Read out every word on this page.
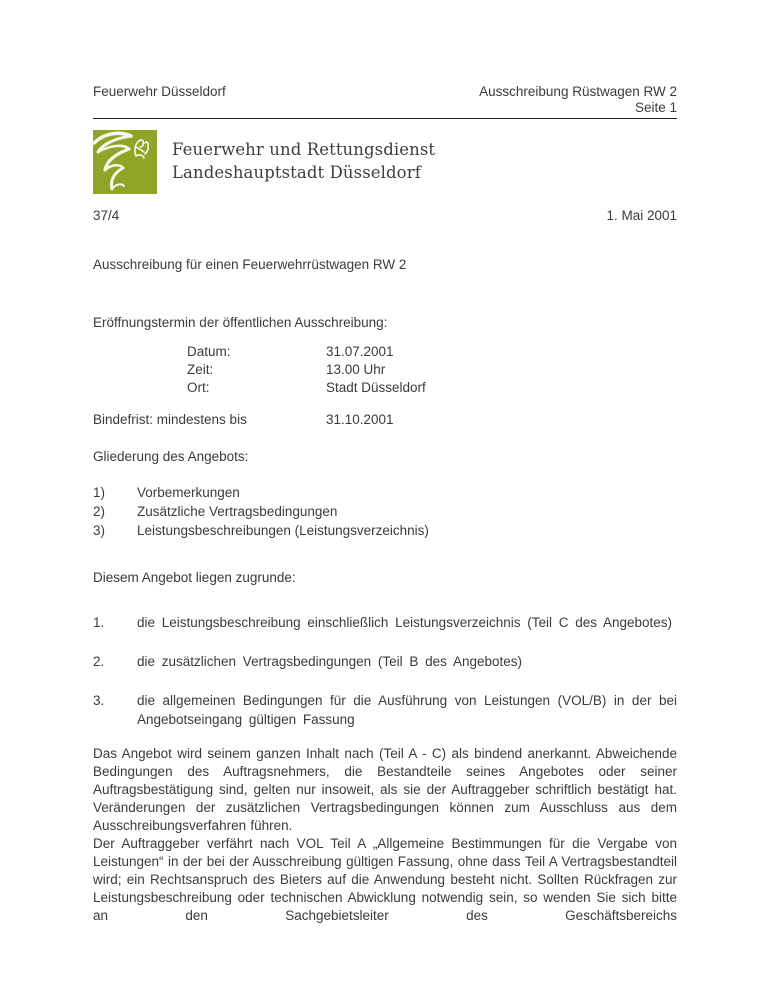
Feuerwehr Düsseldorf	Ausschreibung Rüstwagen RW 2
Seite 1
Feuerwehr und Rettungsdienst
Landeshauptstadt Düsseldorf
37/4	1. Mai 2001
Ausschreibung für einen Feuerwehrrüstwagen RW 2
Eröffnungstermin der öffentlichen Ausschreibung:
Datum:	31.07.2001
Zeit:	13.00 Uhr
Ort:	Stadt Düsseldorf
Bindefrist: mindestens bis	31.10.2001
Gliederung des Angebots:
1)	Vorbemerkungen
2)	Zusätzliche Vertragsbedingungen
3)	Leistungsbeschreibungen (Leistungsverzeichnis)
Diesem Angebot liegen zugrunde:
1.	die Leistungsbeschreibung einschließlich Leistungsverzeichnis (Teil C des Angebotes)
2.	die zusätzlichen Vertragsbedingungen (Teil B des Angebotes)
3.	die allgemeinen Bedingungen für die Ausführung von Leistungen (VOL/B) in der bei Angebotseingang gültigen Fassung
Das Angebot wird seinem ganzen Inhalt nach (Teil A - C) als bindend anerkannt. Abweichende Bedingungen des Auftragsnehmers, die Bestandteile seines Angebotes oder seiner Auftragsbestätigung sind, gelten nur insoweit, als sie der Auftraggeber schriftlich bestätigt hat. Veränderungen der zusätzlichen Vertragsbedingungen können zum Ausschluss aus dem Ausschreibungsverfahren führen.
Der Auftraggeber verfährt nach VOL Teil A „Allgemeine Bestimmungen für die Vergabe von Leistungen“ in der bei der Ausschreibung gültigen Fassung, ohne dass Teil A Vertragsbestandteil wird; ein Rechtsanspruch des Bieters auf die Anwendung besteht nicht. Sollten Rückfragen zur Leistungsbeschreibung oder technischen Abwicklung notwendig sein, so wenden Sie sich bitte an den Sachgebietsleiter des Geschäftsbereichs
